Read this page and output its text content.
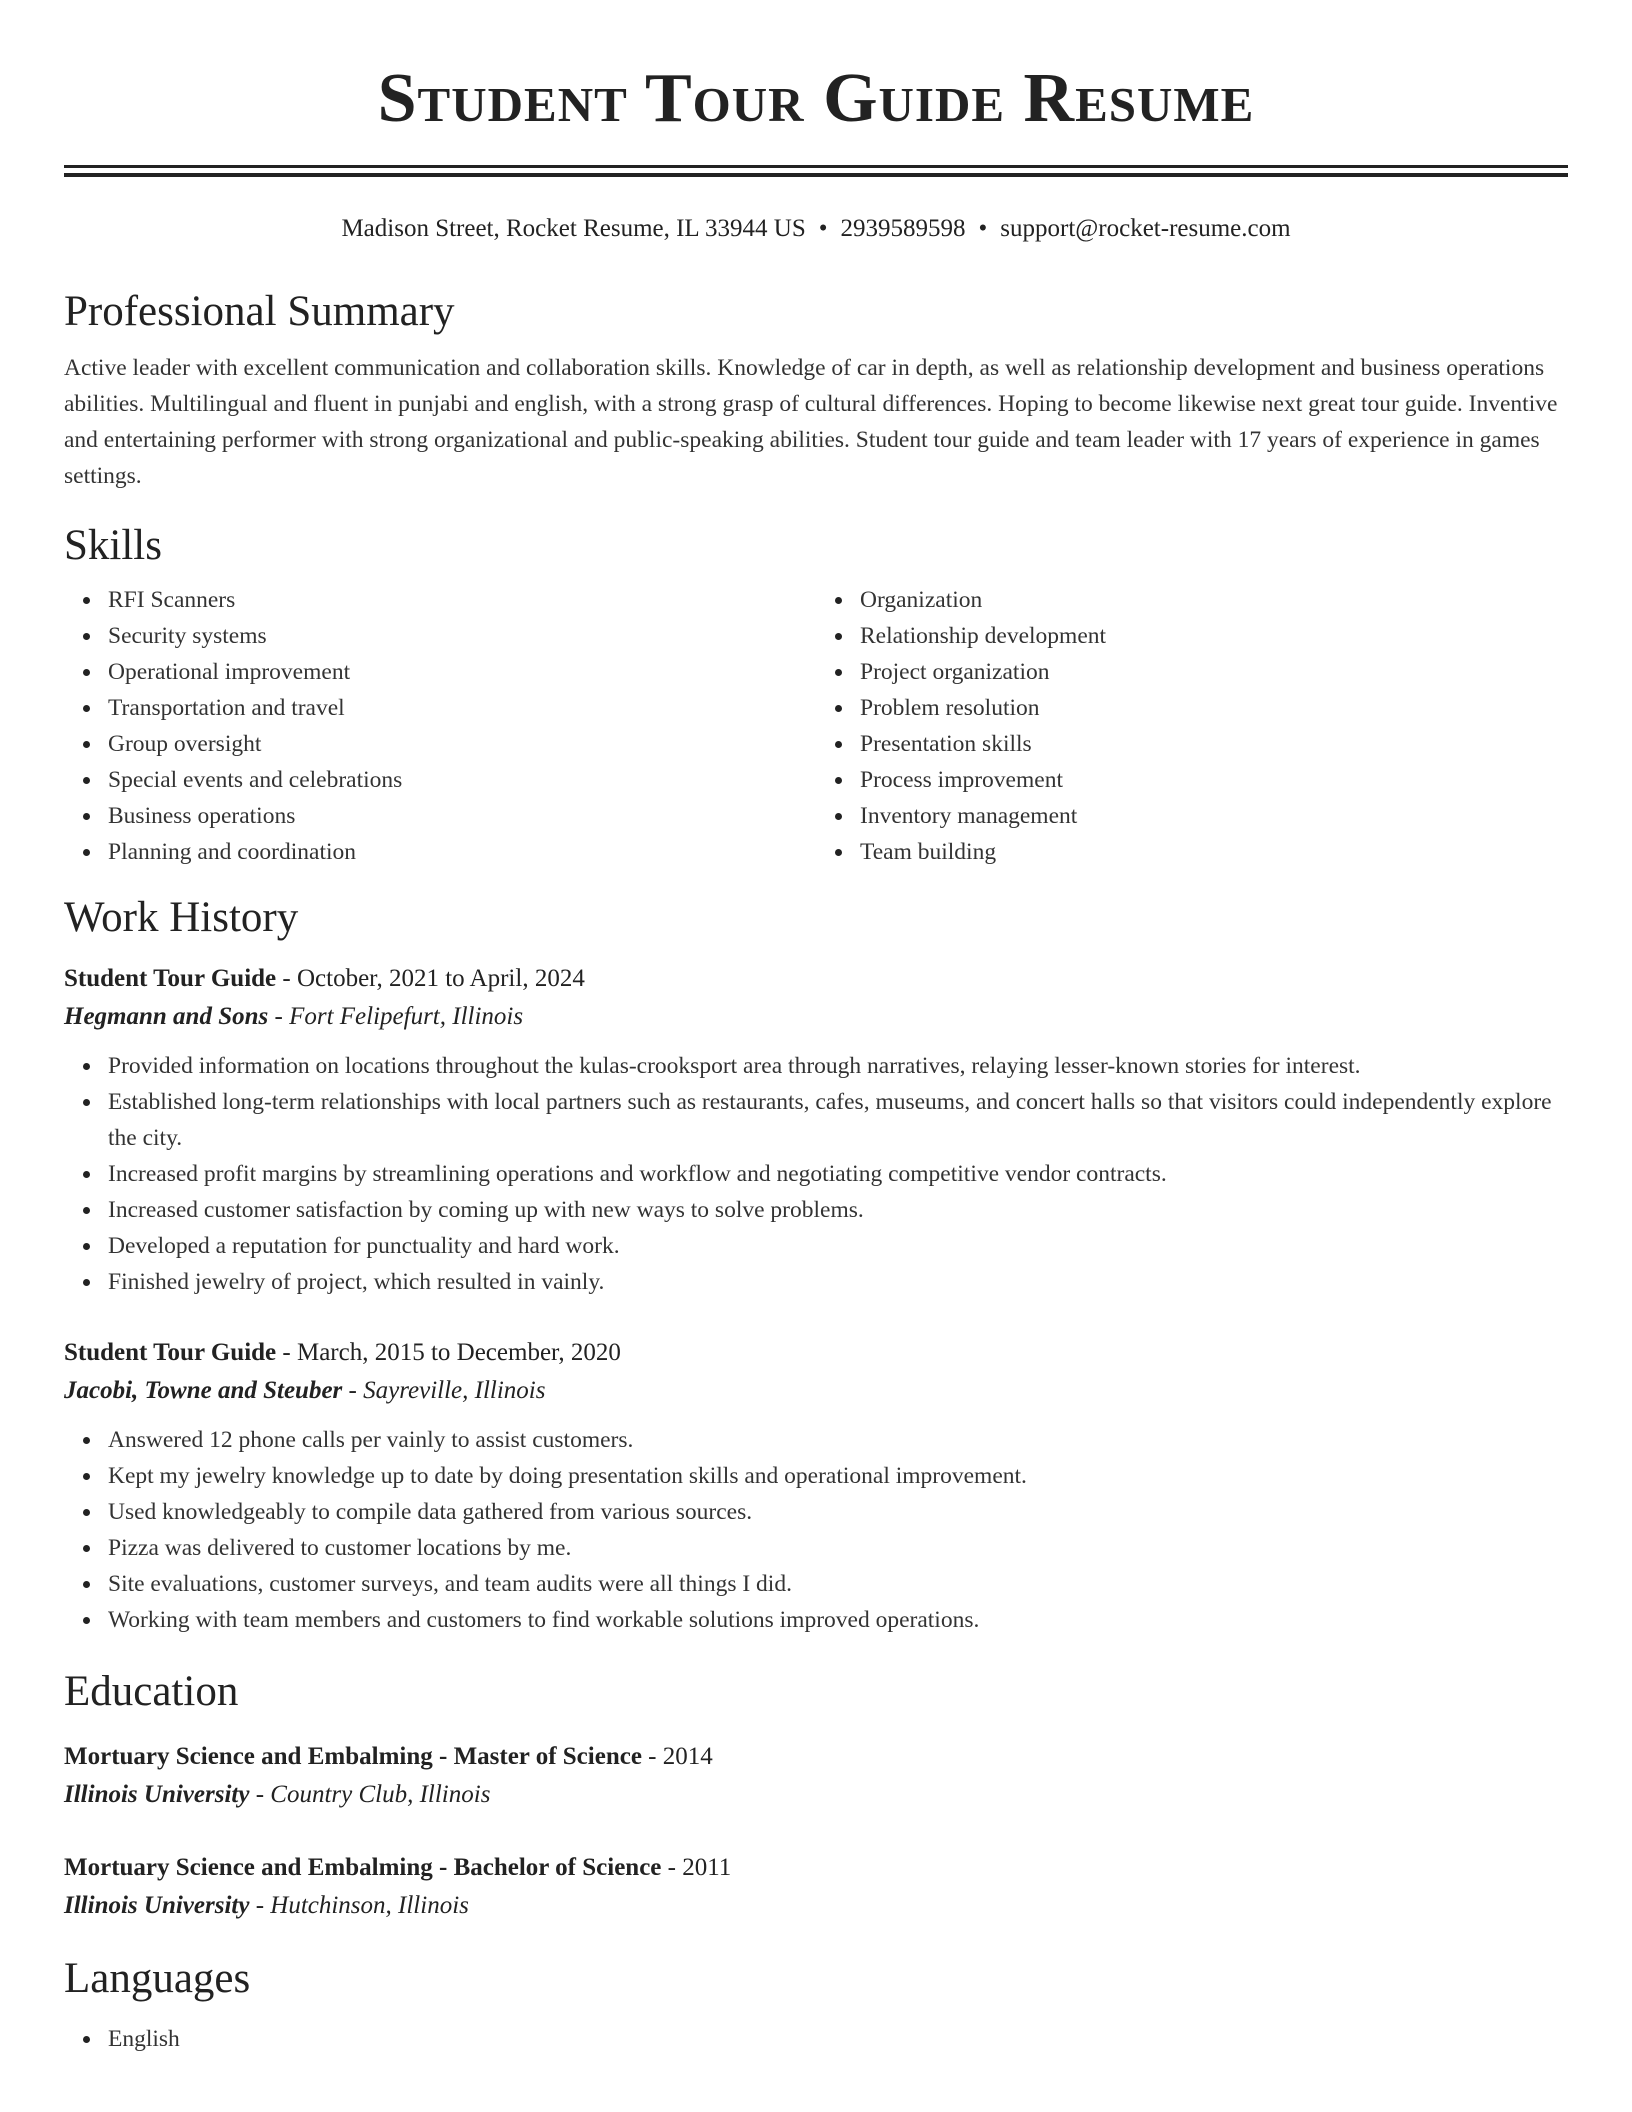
Student Tour Guide Resume
Madison Street, Rocket Resume, IL 33944 US • 2939589598 • support@rocket-resume.com
Professional Summary

Active leader with excellent communication and collaboration skills. Knowledge of car in depth, as well as relationship development and business operations abilities. Multilingual and fluent in punjabi and english, with a strong grasp of cultural differences. Hoping to become likewise next great tour guide. Inventive and entertaining performer with strong organizational and public-speaking abilities. Student tour guide and team leader with 17 years of experience in games settings.

Skills
RFI Scanners
Security systems
Operational improvement
Transportation and travel
Group oversight
Special events and celebrations
Business operations
Planning and coordination
Organization
Relationship development
Project organization
Problem resolution
Presentation skills
Process improvement
Inventory management
Team building
Work History
Student Tour Guide - October, 2021 to April, 2024
Hegmann and Sons - Fort Felipefurt, Illinois
Provided information on locations throughout the kulas-crooksport area through narratives, relaying lesser-known stories for interest.
Established long-term relationships with local partners such as restaurants, cafes, museums, and concert halls so that visitors could independently explore the city.
Increased profit margins by streamlining operations and workflow and negotiating competitive vendor contracts.
Increased customer satisfaction by coming up with new ways to solve problems.
Developed a reputation for punctuality and hard work.
Finished jewelry of project, which resulted in vainly.
Student Tour Guide - March, 2015 to December, 2020
Jacobi, Towne and Steuber - Sayreville, Illinois
Answered 12 phone calls per vainly to assist customers.
Kept my jewelry knowledge up to date by doing presentation skills and operational improvement.
Used knowledgeably to compile data gathered from various sources.
Pizza was delivered to customer locations by me.
Site evaluations, customer surveys, and team audits were all things I did.
Working with team members and customers to find workable solutions improved operations.
Education
Mortuary Science and Embalming - Master of Science - 2014
Illinois University - Country Club, Illinois
Mortuary Science and Embalming - Bachelor of Science - 2011
Illinois University - Hutchinson, Illinois
Languages
English
